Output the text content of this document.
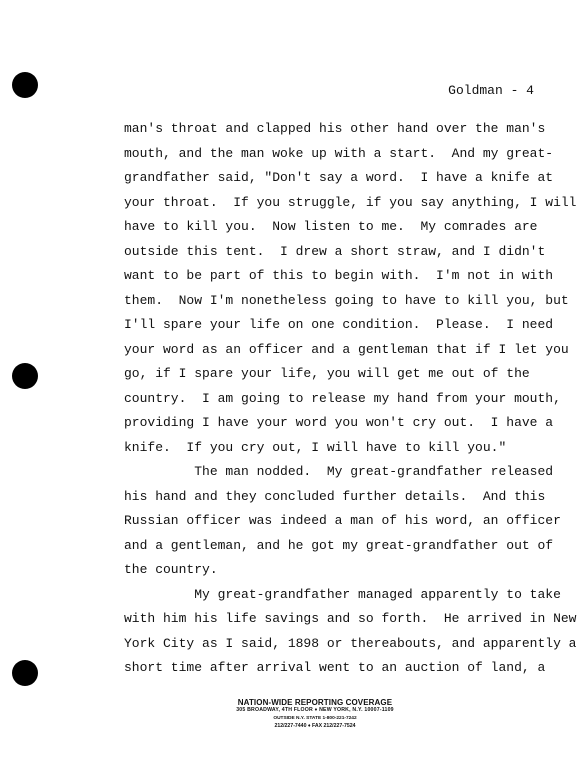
Goldman - 4
man's throat and clapped his other hand over the man's
mouth, and the man woke up with a start.  And my great-
grandfather said, "Don't say a word.  I have a knife at
your throat.  If you struggle, if you say anything, I will
have to kill you.  Now listen to me.  My comrades are
outside this tent.  I drew a short straw, and I didn't
want to be part of this to begin with.  I'm not in with
them.  Now I'm nonetheless going to have to kill you, but
I'll spare your life on one condition.  Please.  I need
your word as an officer and a gentleman that if I let you
go, if I spare your life, you will get me out of the
country.  I am going to release my hand from your mouth,
providing I have your word you won't cry out.  I have a
knife.  If you cry out, I will have to kill you."
The man nodded.  My great-grandfather released
his hand and they concluded further details.  And this
Russian officer was indeed a man of his word, an officer
and a gentleman, and he got my great-grandfather out of
the country.
My great-grandfather managed apparently to take
with him his life savings and so forth.  He arrived in New
York City as I said, 1898 or thereabouts, and apparently a
short time after arrival went to an auction of land, a
NATION-WIDE REPORTING COVERAGE
305 BROADWAY, 4TH FLOOR ♦ NEW YORK, N.Y. 10007-1109
OUTSIDE N.Y. STATE 1-800-221-7242
212/227-7440 ♦ FAX 212/227-7524
